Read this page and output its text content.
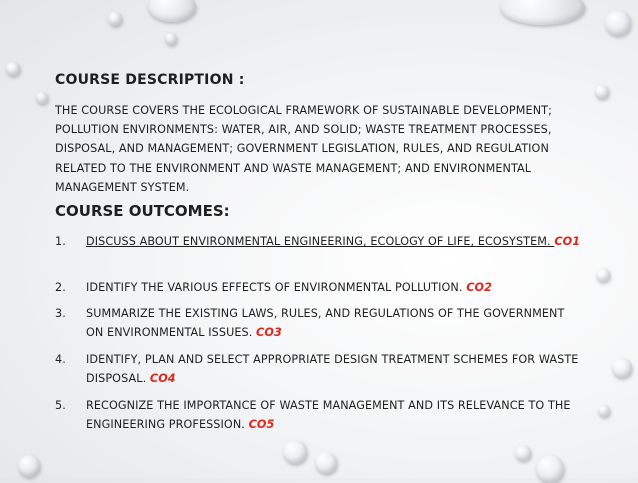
COURSE DESCRIPTION :
THE COURSE COVERS THE ECOLOGICAL FRAMEWORK OF SUSTAINABLE DEVELOPMENT; POLLUTION ENVIRONMENTS: WATER, AIR, AND SOLID; WASTE TREATMENT PROCESSES, DISPOSAL, AND MANAGEMENT; GOVERNMENT LEGISLATION, RULES, AND REGULATION RELATED TO THE ENVIRONMENT AND WASTE MANAGEMENT; AND ENVIRONMENTAL MANAGEMENT SYSTEM.
COURSE OUTCOMES:
1. DISCUSS ABOUT ENVIRONMENTAL ENGINEERING, ECOLOGY OF LIFE, ECOSYSTEM. CO1
2. IDENTIFY THE VARIOUS EFFECTS OF ENVIRONMENTAL POLLUTION. CO2
3. SUMMARIZE THE EXISTING LAWS, RULES, AND REGULATIONS OF THE GOVERNMENT ON ENVIRONMENTAL ISSUES. CO3
4. IDENTIFY, PLAN AND SELECT APPROPRIATE DESIGN TREATMENT SCHEMES FOR WASTE DISPOSAL. CO4
5. RECOGNIZE THE IMPORTANCE OF WASTE MANAGEMENT AND ITS RELEVANCE TO THE ENGINEERING PROFESSION. CO5
